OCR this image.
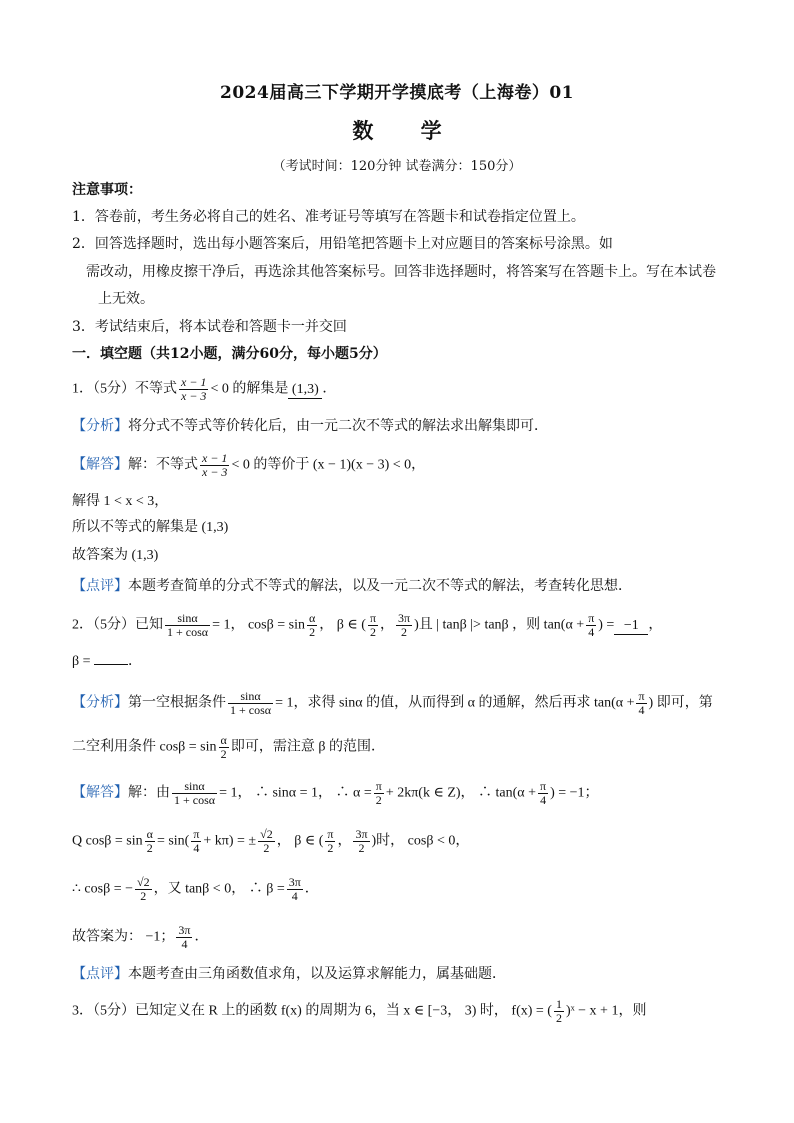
2024届高三下学期开学摸底考（上海卷）01
数 学
（考试时间：120分钟 试卷满分：150分）
注意事项：
1．答卷前，考生务必将自己的姓名、准考证号等填写在答题卡和试卷指定位置上。
2．回答选择题时，选出每小题答案后，用铅笔把答题卡上对应题目的答案标号涂黑。如
需改动，用橡皮擦干净后，再选涂其他答案标号。回答非选择题时，将答案写在答题卡上。写在本试卷
上无效。
3．考试结束后，将本试卷和答题卡一并交回
一．填空题（共12小题，满分60分，每小题5分）
1．（5分）不等式 $\frac{x - 1}{x - 3} < 0$ 的解集是 (1,3) ．
【分析】将分式不等式等价转化后，由一元二次不等式的解法求出解集即可．
【解答】解：不等式 $\frac{x - 1}{x - 3} < 0$ 的等价于 (x − 1)(x − 3) < 0，
解得 1 < x < 3，
所以不等式的解集是 (1,3)
故答案为 (1,3)
【点评】本题考查简单的分式不等式的解法，以及一元二次不等式的解法，考查转化思想．
2．（5分）已知 $\frac{\sin\alpha}{1 + \cos\alpha} = 1$， $\cos\beta = \sin \frac{\alpha}{2}$ ， β ∈ ( $\frac{\pi}{2}$ ， $\frac{3\pi}{2}$ )且 | tanβ |> tanβ ，则 $\tan(\alpha + \frac{\pi}{4}$ ) = −1 ，
β =	．
【分析】第一空根据条件 $\frac{\sin\alpha}{1 + \cos\alpha} = 1$，求得 sinα 的值，从而得到 α 的通解，然后再求 $\tan(\alpha + \frac{\pi}{4}$ ) 即可，第
二空利用条件 $\cos\beta = \sin \frac{\alpha}{2}$ 即可，需注意 β 的范围．
【解答】解：由 $\frac{\sin\alpha}{1 + \cos\alpha} = 1$， ∴ sinα = 1， ∴ $\alpha = \frac{\pi}{2} + 2k\pi(k$ ∈ Z)， ∴ $\tan(\alpha + \frac{\pi}{4}$ ) = −1；
Q $\cos\beta = \sin \frac{\alpha}{2} = \sin( \frac{\pi}{4} + k\pi)$ = ± $\frac{√2}{2}$ ， β ∈ ( $\frac{\pi}{2}$ ， $\frac{3\pi}{2}$ )时， cosβ < 0，
∴ cosβ = − $\frac{√2}{2}$ ，又 tanβ < 0， ∴ $\beta = \frac{3\pi}{4}$ ．
故答案为： −1； $\frac{3\pi}{4}$ ．
【点评】本题考查由三角函数值求角，以及运算求解能力，属基础题．
3．（5分）已知定义在 R 上的函数 f(x) 的周期为 6，当 x ∈ [−3， 3) 时， f(x) = ( $\frac{1}{2}$ )ˣ − x + 1，则
